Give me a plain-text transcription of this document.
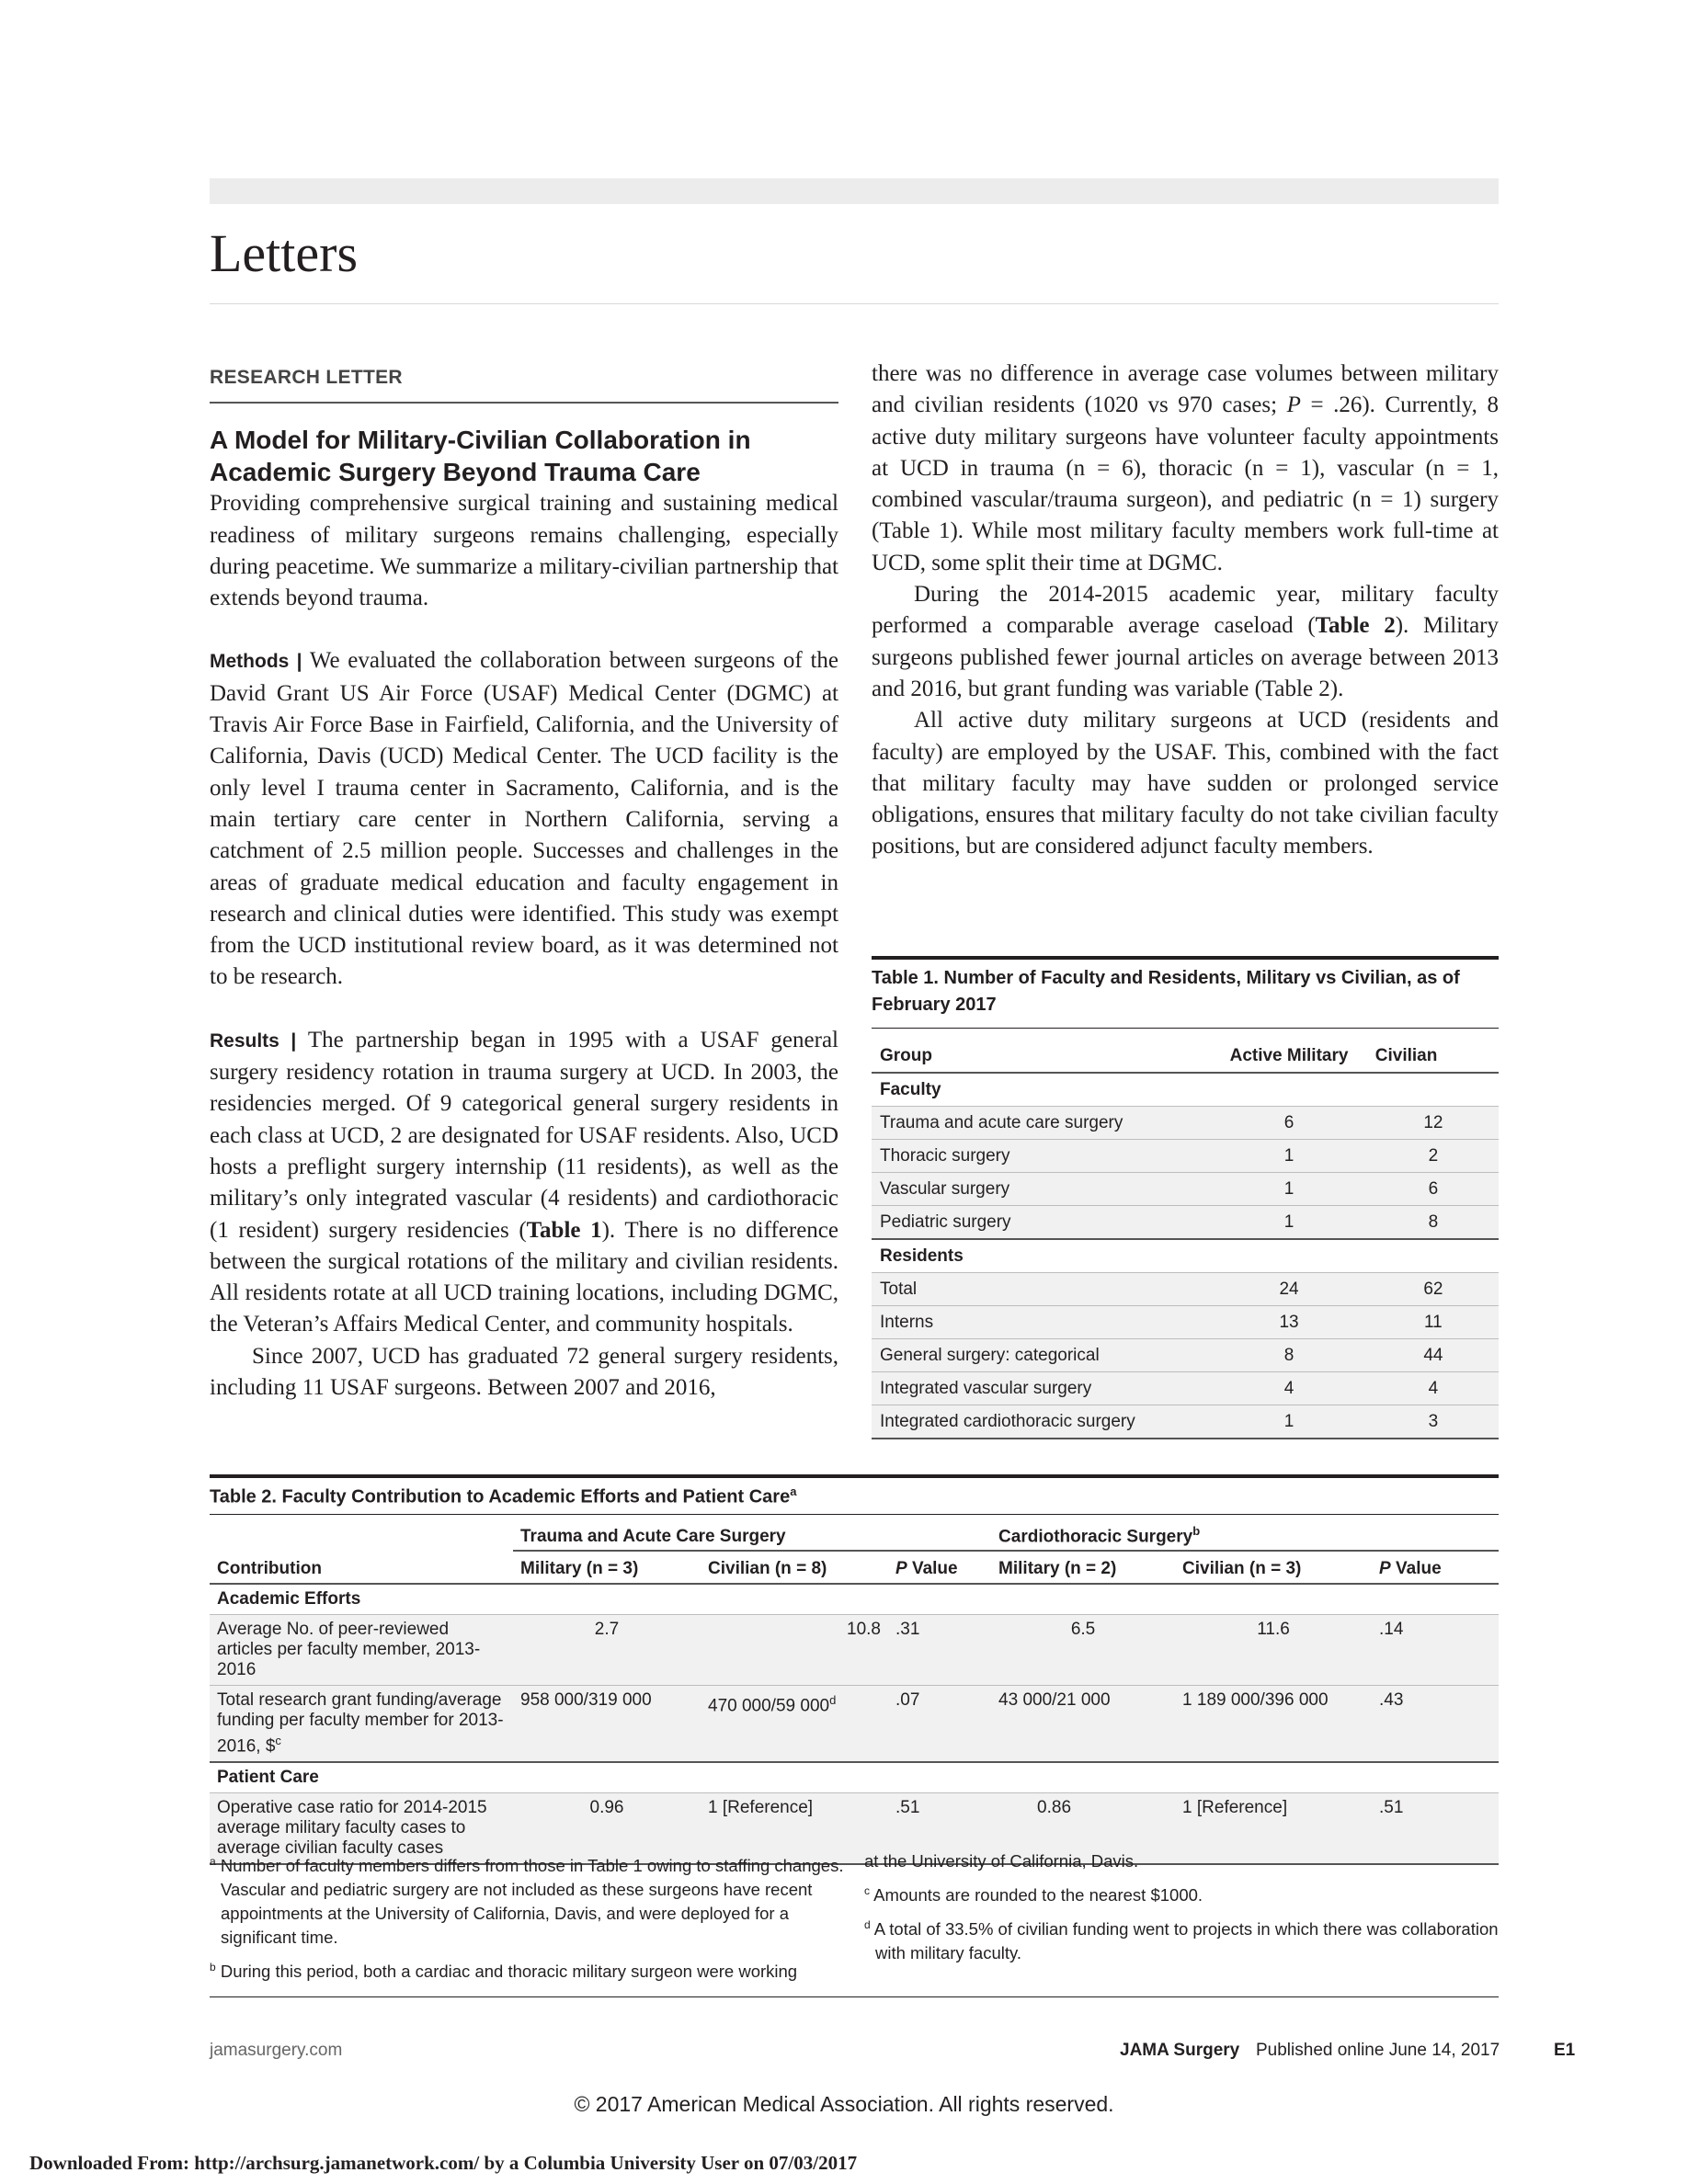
Letters
RESEARCH LETTER
A Model for Military-Civilian Collaboration in Academic Surgery Beyond Trauma Care

Providing comprehensive surgical training and sustaining medical readiness of military surgeons remains challenging, especially during peacetime. We summarize a military-civilian partnership that extends beyond trauma.

Methods | We evaluated the collaboration between surgeons of the David Grant US Air Force (USAF) Medical Center (DGMC) at Travis Air Force Base in Fairfield, California, and the University of California, Davis (UCD) Medical Center. The UCD facility is the only level I trauma center in Sacramento, California, and is the main tertiary care center in Northern California, serving a catchment of 2.5 million people. Successes and challenges in the areas of graduate medical education and faculty engagement in research and clinical duties were identified. This study was exempt from the UCD institutional review board, as it was determined not to be research.

Results | The partnership began in 1995 with a USAF general surgery residency rotation in trauma surgery at UCD. In 2003, the residencies merged. Of 9 categorical general surgery residents in each class at UCD, 2 are designated for USAF residents. Also, UCD hosts a preflight surgery internship (11 residents), as well as the military’s only integrated vascular (4 residents) and cardiothoracic (1 resident) surgery residencies (Table 1). There is no difference between the surgical rotations of the military and civilian residents. All residents rotate at all UCD training locations, including DGMC, the Veteran’s Affairs Medical Center, and community hospitals.

Since 2007, UCD has graduated 72 general surgery residents, including 11 USAF surgeons. Between 2007 and 2016,

there was no difference in average case volumes between military and civilian residents (1020 vs 970 cases; P = .26). Currently, 8 active duty military surgeons have volunteer faculty appointments at UCD in trauma (n = 6), thoracic (n = 1), vascular (n = 1, combined vascular/trauma surgeon), and pediatric (n = 1) surgery (Table 1). While most military faculty members work full-time at UCD, some split their time at DGMC.

During the 2014-2015 academic year, military faculty performed a comparable average caseload (Table 2). Military surgeons published fewer journal articles on average between 2013 and 2016, but grant funding was variable (Table 2).

All active duty military surgeons at UCD (residents and faculty) are employed by the USAF. This, combined with the fact that military faculty may have sudden or prolonged service obligations, ensures that military faculty do not take civilian faculty positions, but are considered adjunct faculty members.

Table 1. Number of Faculty and Residents, Military vs Civilian, as of February 2017
Group	Active Military	Civilian
Faculty		
Trauma and acute care surgery	6	12
Thoracic surgery	1	2
Vascular surgery	1	6
Pediatric surgery	1	8
Residents		
Total	24	62
Interns	13	11
General surgery: categorical	8	44
Integrated vascular surgery	4	4
Integrated cardiothoracic surgery	1	3
Table 2. Faculty Contribution to Academic Efforts and Patient Care$^a$
	Trauma and Acute Care Surgery			Cardiothoracic Surgery$^b$
Contribution	Military (n = 3)	Civilian (n = 8)	P Value	Military (n = 2)	Civilian (n = 3)	P Value
Academic Efforts						
Average No. of peer-reviewed articles per faculty member, 2013-2016	2.7	10.8	.31	6.5	11.6	.14
Total research grant funding/average funding per faculty member for 2013-2016, \$$^c$	958 000/319 000	470 000/59 000$^d$	.07	43 000/21 000	1 189 000/396 000	.43
Patient Care						
Operative case ratio for 2014-2015 average military faculty cases to average civilian faculty cases	0.96	1 [Reference]	.51	0.86	1 [Reference]	.51

$^a$ Number of faculty members differs from those in Table 1 owing to staffing changes. Vascular and pediatric surgery are not included as these surgeons have recent appointments at the University of California, Davis, and were deployed for a significant time.

$^b$ During this period, both a cardiac and thoracic military surgeon were working

at the University of California, Davis.

$^c$ Amounts are rounded to the nearest $1000.

$^d$ A total of 33.5% of civilian funding went to projects in which there was collaboration with military faculty.

jamasurgery.com	JAMA Surgery Published online June 14, 2017	E1
© 2017 American Medical Association. All rights reserved.
Downloaded From: http://archsurg.jamanetwork.com/ by a Columbia University User on 07/03/2017
